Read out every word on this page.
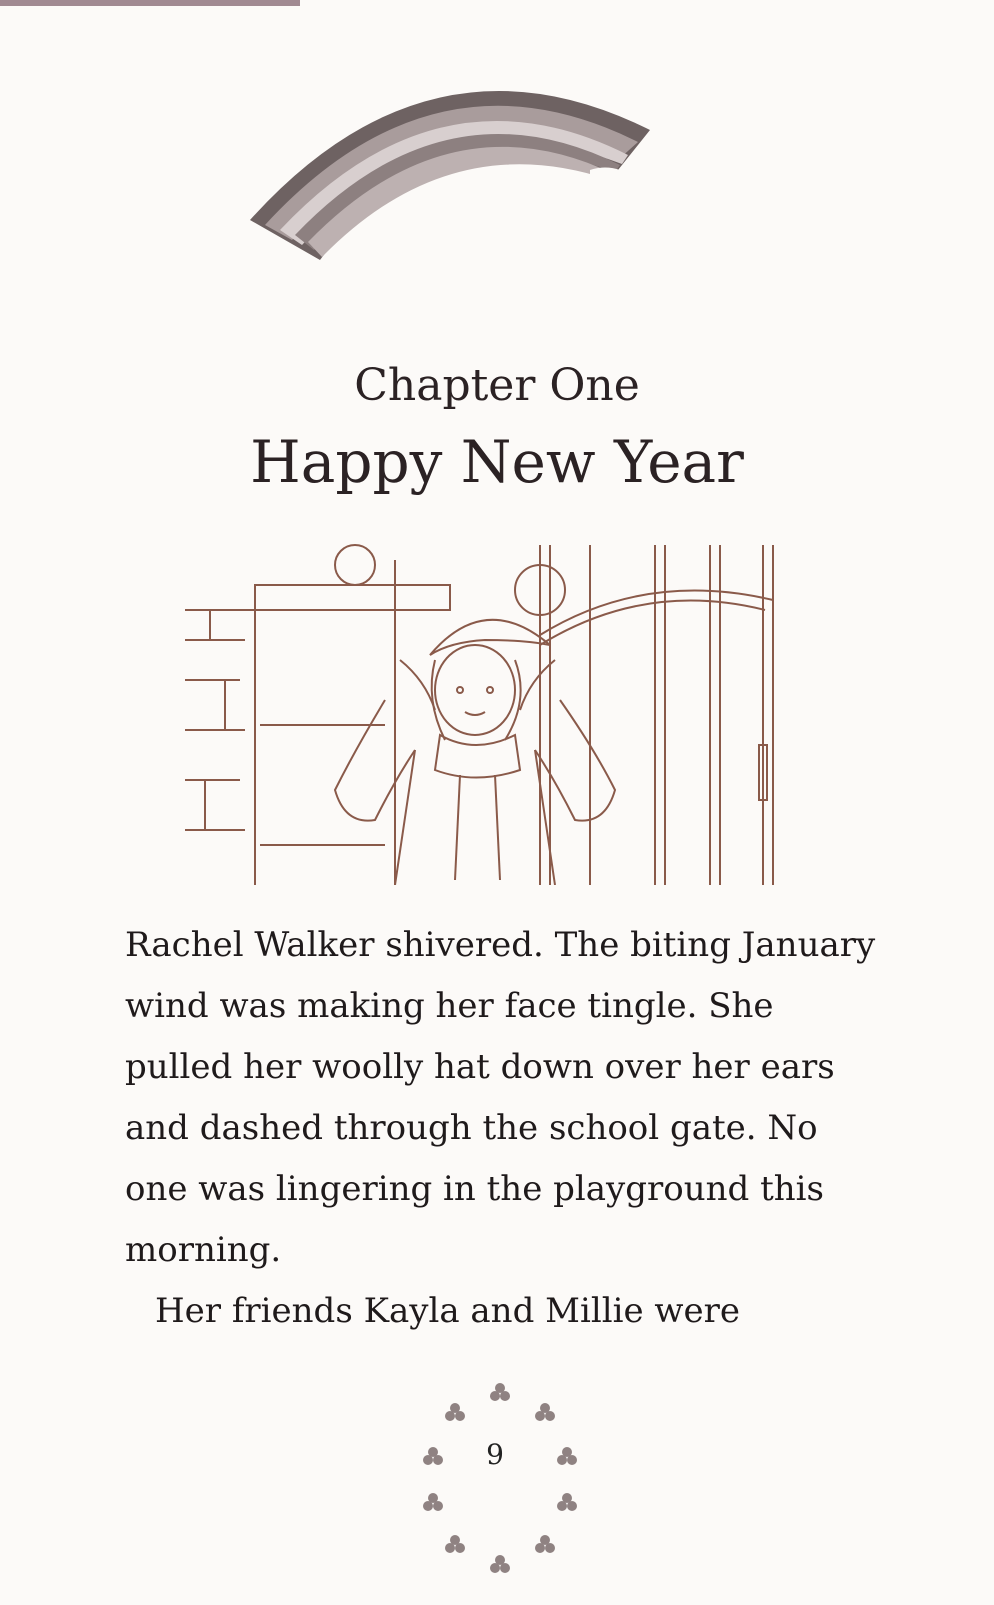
Chapter One
Happy New Year

Rachel Walker shivered. The biting January wind was making her face tingle. She pulled her woolly hat down over her ears and dashed through the school gate. No one was lingering in the playground this morning.

Her friends Kayla and Millie were

9
